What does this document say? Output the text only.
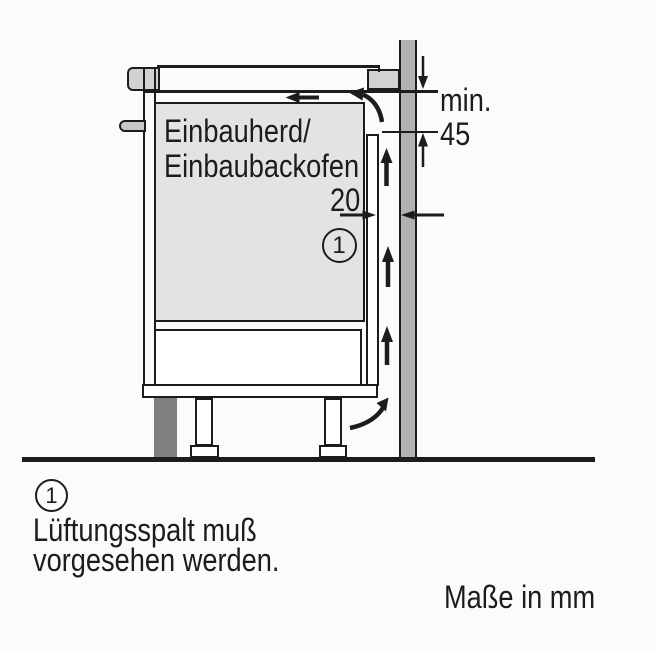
Einbauherd/
Einbaubackofen
min.
45
20
1
1
Lüftungsspalt muß
vorgesehen werden.
Maße in mm
